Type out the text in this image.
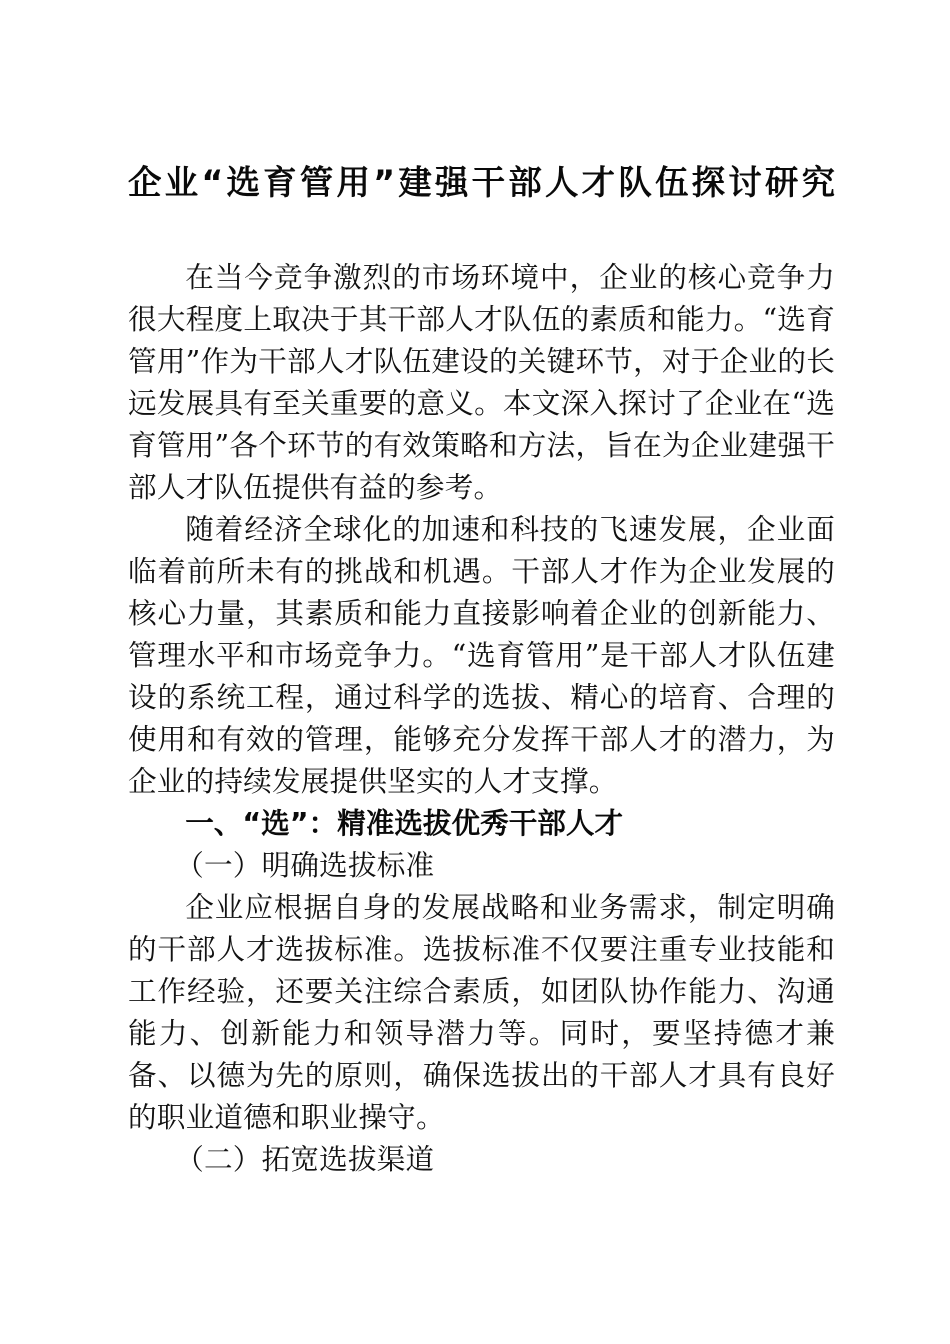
企业“选育管用”建强干部人才队伍探讨研究

在当今竞争激烈的市场环境中，企业的核心竞争力很大程度上取决于其干部人才队伍的素质和能力。“选育管用”作为干部人才队伍建设的关键环节，对于企业的长远发展具有至关重要的意义。本文深入探讨了企业在“选育管用”各个环节的有效策略和方法，旨在为企业建强干部人才队伍提供有益的参考。

随着经济全球化的加速和科技的飞速发展，企业面临着前所未有的挑战和机遇。干部人才作为企业发展的核心力量，其素质和能力直接影响着企业的创新能力、管理水平和市场竞争力。“选育管用”是干部人才队伍建设的系统工程，通过科学的选拔、精心的培育、合理的使用和有效的管理，能够充分发挥干部人才的潜力，为企业的持续发展提供坚实的人才支撑。

一、“选”：精准选拔优秀干部人才
（一）明确选拔标准

企业应根据自身的发展战略和业务需求，制定明确的干部人才选拔标准。选拔标准不仅要注重专业技能和工作经验，还要关注综合素质，如团队协作能力、沟通能力、创新能力和领导潜力等。同时，要坚持德才兼备、以德为先的原则，确保选拔出的干部人才具有良好的职业道德和职业操守。

（二）拓宽选拔渠道
